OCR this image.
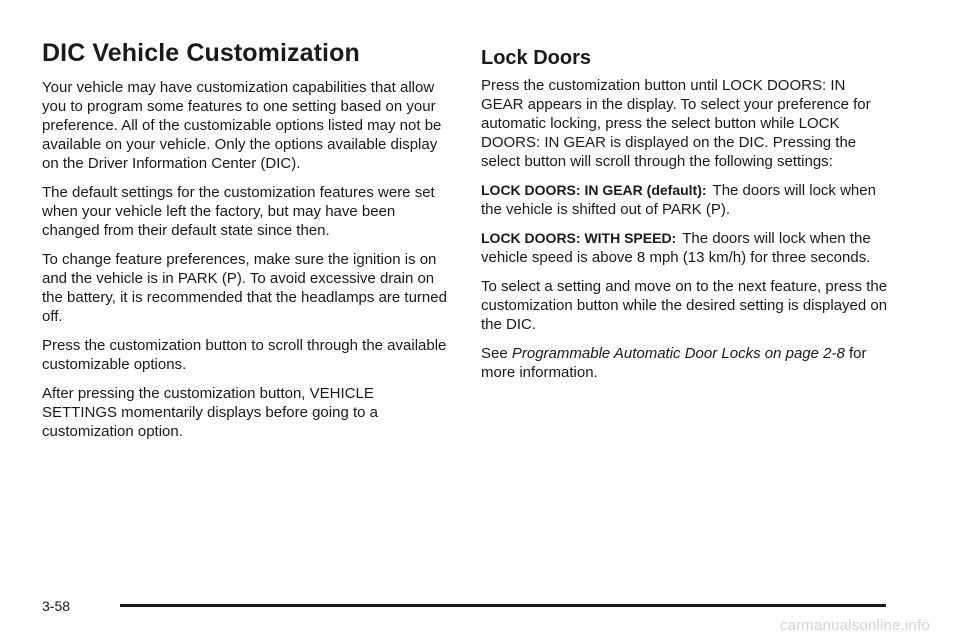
DIC Vehicle Customization

Your vehicle may have customization capabilities that allow you to program some features to one setting based on your preference. All of the customizable options listed may not be available on your vehicle. Only the options available display on the Driver Information Center (DIC).

The default settings for the customization features were set when your vehicle left the factory, but may have been changed from their default state since then.

To change feature preferences, make sure the ignition is on and the vehicle is in PARK (P). To avoid excessive drain on the battery, it is recommended that the headlamps are turned off.

Press the customization button to scroll through the available customizable options.

After pressing the customization button, VEHICLE SETTINGS momentarily displays before going to a customization option.

Lock Doors

Press the customization button until LOCK DOORS: IN GEAR appears in the display. To select your preference for automatic locking, press the select button while LOCK DOORS: IN GEAR is displayed on the DIC. Pressing the select button will scroll through the following settings:

LOCK DOORS: IN GEAR (default): The doors will lock when the vehicle is shifted out of PARK (P).

LOCK DOORS: WITH SPEED: The doors will lock when the vehicle speed is above 8 mph (13 km/h) for three seconds.

To select a setting and move on to the next feature, press the customization button while the desired setting is displayed on the DIC.

See Programmable Automatic Door Locks on page 2-8 for more information.

3-58
carmanualsonline.info
